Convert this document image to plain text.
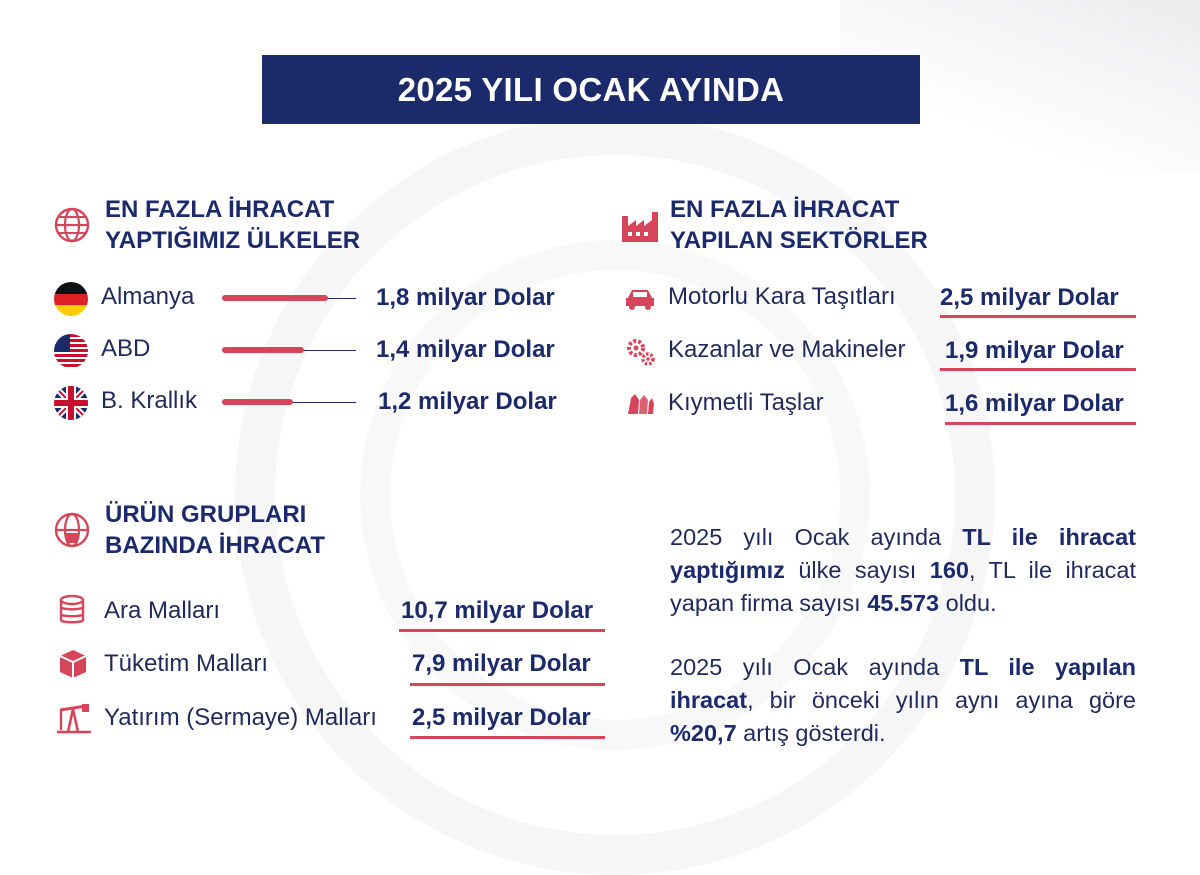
2025 YILI OCAK AYINDA
EN FAZLA İHRACAT
YAPTIĞIMIZ ÜLKELER
Almanya	1,8 milyar Dolar
ABD	1,4 milyar Dolar
B. Krallık	1,2 milyar Dolar
EN FAZLA İHRACAT
YAPILAN SEKTÖRLER
Motorlu Kara Taşıtları 2,5 milyar Dolar
Kazanlar ve Makineler 1,9 milyar Dolar
Kıymetli Taşlar	1,6 milyar Dolar
ÜRÜN GRUPLARI
BAZINDA İHRACAT
Ara Malları	10,7 milyar Dolar
Tüketim Malları	7,9 milyar Dolar
Yatırım (Sermaye) Malları 2,5 milyar Dolar
2025 yılı Ocak ayında TL ile ihracat yaptığımız ülke sayısı 160, TL ile ihracat yapan firma sayısı 45.573 oldu.
2025 yılı Ocak ayında TL ile yapılan ihracat, bir önceki yılın aynı ayına göre %20,7 artış gösterdi.
